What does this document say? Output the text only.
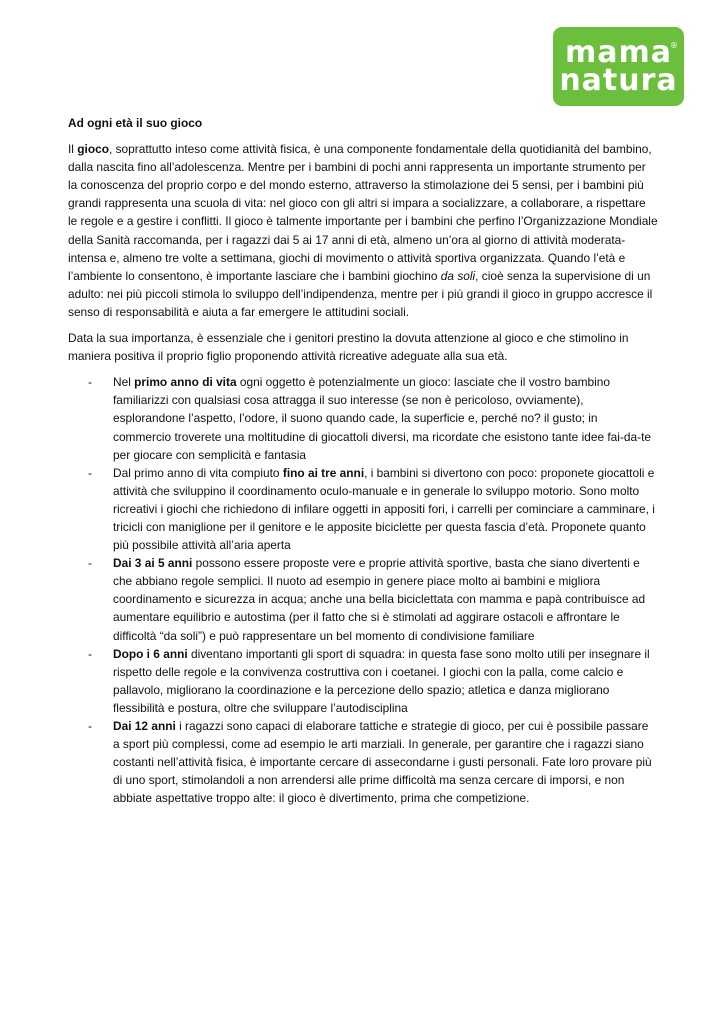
mama
natura
®

Ad ogni età il suo gioco

Il gioco, soprattutto inteso come attività fisica, è una componente fondamentale della quotidianità del bambino, dalla nascita fino all’adolescenza. Mentre per i bambini di pochi anni rappresenta un importante strumento per la conoscenza del proprio corpo e del mondo esterno, attraverso la stimolazione dei 5 sensi, per i bambini più grandi rappresenta una scuola di vita: nel gioco con gli altri si impara a socializzare, a collaborare, a rispettare le regole e a gestire i conflitti. Il gioco è talmente importante per i bambini che perfino l’Organizzazione Mondiale della Sanità raccomanda, per i ragazzi dai 5 ai 17 anni di età, almeno un’ora al giorno di attività moderata-intensa e, almeno tre volte a settimana, giochi di movimento o attività sportiva organizzata. Quando l’età e l’ambiente lo consentono, è importante lasciare che i bambini giochino da soli, cioè senza la supervisione di un adulto: nei più piccoli stimola lo sviluppo dell’indipendenza, mentre per i più grandi il gioco in gruppo accresce il senso di responsabilità e aiuta a far emergere le attitudini sociali.

Data la sua importanza, è essenziale che i genitori prestino la dovuta attenzione al gioco e che stimolino in maniera positiva il proprio figlio proponendo attività ricreative adeguate alla sua età.

- Nel primo anno di vita ogni oggetto è potenzialmente un gioco: lasciate che il vostro bambino familiarizzi con qualsiasi cosa attragga il suo interesse (se non è pericoloso, ovviamente), esplorandone l’aspetto, l’odore, il suono quando cade, la superficie e, perché no? il gusto; in commercio troverete una moltitudine di giocattoli diversi, ma ricordate che esistono tante idee fai-da-te per giocare con semplicità e fantasia
- Dal primo anno di vita compiuto fino ai tre anni, i bambini si divertono con poco: proponete giocattoli e attività che sviluppino il coordinamento oculo-manuale e in generale lo sviluppo motorio. Sono molto ricreativi i giochi che richiedono di infilare oggetti in appositi fori, i carrelli per cominciare a camminare, i tricicli con maniglione per il genitore e le apposite biciclette per questa fascia d’età. Proponete quanto più possibile attività all’aria aperta
- Dai 3 ai 5 anni possono essere proposte vere e proprie attività sportive, basta che siano divertenti e che abbiano regole semplici. Il nuoto ad esempio in genere piace molto ai bambini e migliora coordinamento e sicurezza in acqua; anche una bella biciclettata con mamma e papà contribuisce ad aumentare equilibrio e autostima (per il fatto che si è stimolati ad aggirare ostacoli e affrontare le difficoltà “da soli”) e può rappresentare un bel momento di condivisione familiare
- Dopo i 6 anni diventano importanti gli sport di squadra: in questa fase sono molto utili per insegnare il rispetto delle regole e la convivenza costruttiva con i coetanei. I giochi con la palla, come calcio e pallavolo, migliorano la coordinazione e la percezione dello spazio; atletica e danza migliorano flessibilità e postura, oltre che sviluppare l’autodisciplina
- Dai 12 anni i ragazzi sono capaci di elaborare tattiche e strategie di gioco, per cui è possibile passare a sport più complessi, come ad esempio le arti marziali. In generale, per garantire che i ragazzi siano costanti nell’attività fisica, è importante cercare di assecondarne i gusti personali. Fate loro provare più di uno sport, stimolandoli a non arrendersi alle prime difficoltà ma senza cercare di imporsi, e non abbiate aspettative troppo alte: il gioco è divertimento, prima che competizione.
